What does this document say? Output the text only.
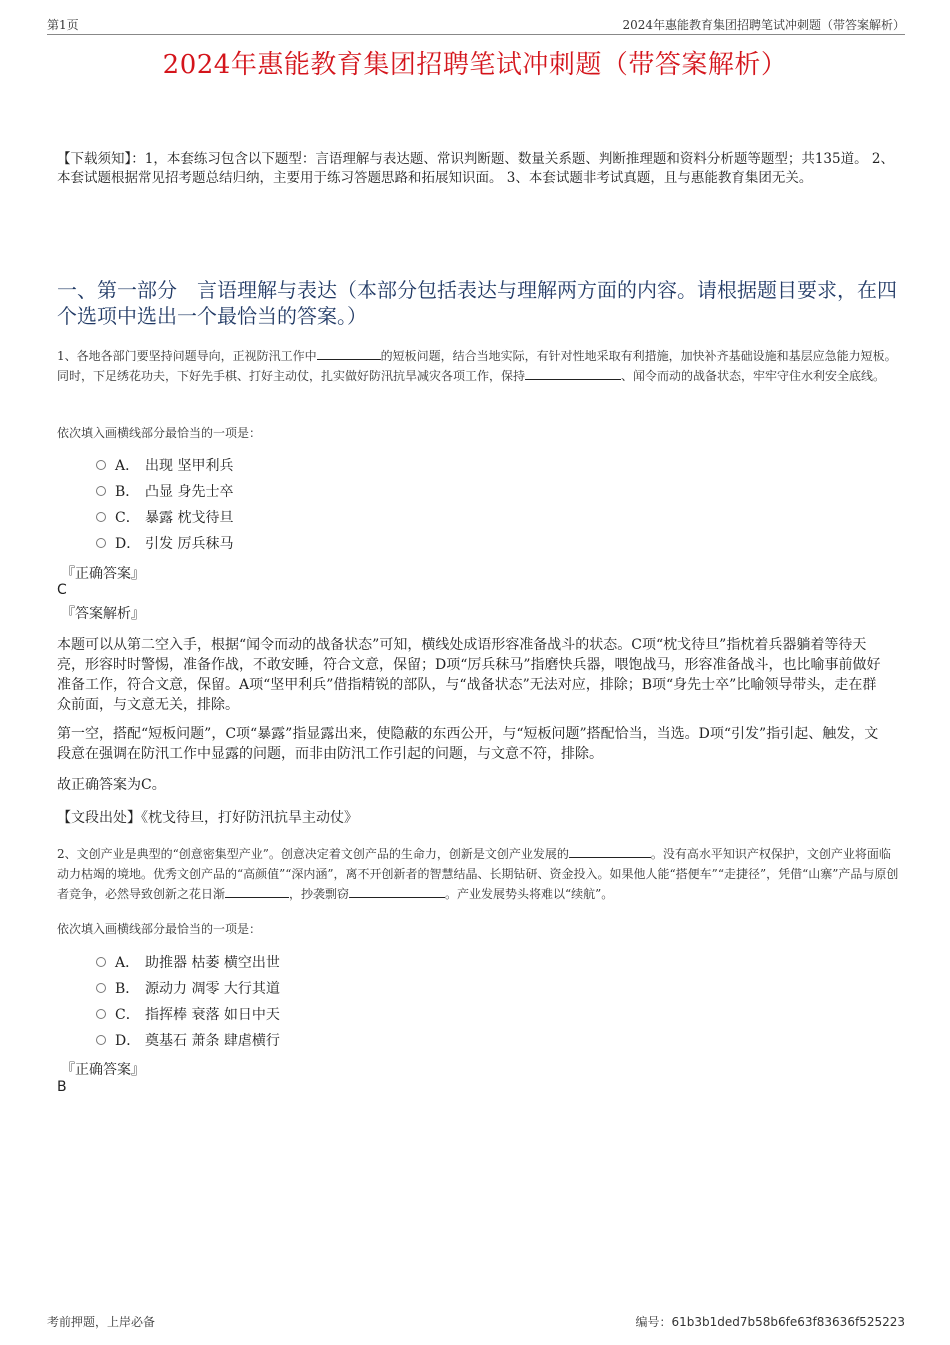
第1页	2024年惠能教育集团招聘笔试冲刺题（带答案解析）
2024年惠能教育集团招聘笔试冲刺题（带答案解析）
【下载须知】：1，本套练习包含以下题型：言语理解与表达题、常识判断题、数量关系题、判断推理题和资料分析题等题型；共135道。 2、本套试题根据常见招考题总结归纳，主要用于练习答题思路和拓展知识面。 3、本套试题非考试真题，且与惠能教育集团无关。
一、第一部分　言语理解与表达（本部分包括表达与理解两方面的内容。请根据题目要求，在四个选项中选出一个最恰当的答案。）
1、各地各部门要坚持问题导向，正视防汛工作中	的短板问题，结合当地实际，有针对性地采取有利措施，加快补齐基础设施和基层应急能力短板。同时，下足绣花功夫，下好先手棋、打好主动仗，扎实做好防汛抗旱减灾各项工作，保持	、闻令而动的战备状态，牢牢守住水利安全底线。
依次填入画横线部分最恰当的一项是：
A． 出现 坚甲利兵
B． 凸显 身先士卒
C． 暴露 枕戈待旦
D． 引发 厉兵秣马
『正确答案』
C
『答案解析』
本题可以从第二空入手，根据“闻令而动的战备状态”可知，横线处成语形容准备战斗的状态。C项“枕戈待旦”指枕着兵器躺着等待天亮，形容时时警惕，准备作战，不敢安睡，符合文意，保留；D项“厉兵秣马”指磨快兵器，喂饱战马，形容准备战斗，也比喻事前做好准备工作，符合文意，保留。A项“坚甲利兵”借指精锐的部队，与“战备状态”无法对应，排除；B项“身先士卒”比喻领导带头，走在群众前面，与文意无关，排除。
第一空，搭配“短板问题”，C项“暴露”指显露出来，使隐蔽的东西公开，与“短板问题”搭配恰当，当选。D项“引发”指引起、触发，文段意在强调在防汛工作中显露的问题，而非由防汛工作引起的问题，与文意不符，排除。
故正确答案为C。
【文段出处】《枕戈待旦，打好防汛抗旱主动仗》
2、文创产业是典型的“创意密集型产业”。创意决定着文创产品的生命力，创新是文创产业发展的	。没有高水平知识产权保护，文创产业将面临动力枯竭的境地。优秀文创产品的“高颜值”“深内涵”，离不开创新者的智慧结晶、长期钻研、资金投入。如果他人能“搭便车”“走捷径”，凭借“山寨”产品与原创者竞争，必然导致创新之花日渐	，抄袭剽窃	。产业发展势头将难以“续航”。
依次填入画横线部分最恰当的一项是：
A． 助推器 枯萎 横空出世
B． 源动力 凋零 大行其道
C． 指挥棒 衰落 如日中天
D． 奠基石 萧条 肆虐横行
『正确答案』
B
考前押题，上岸必备	编号：61b3b1ded7b58b6fe63f83636f525223
